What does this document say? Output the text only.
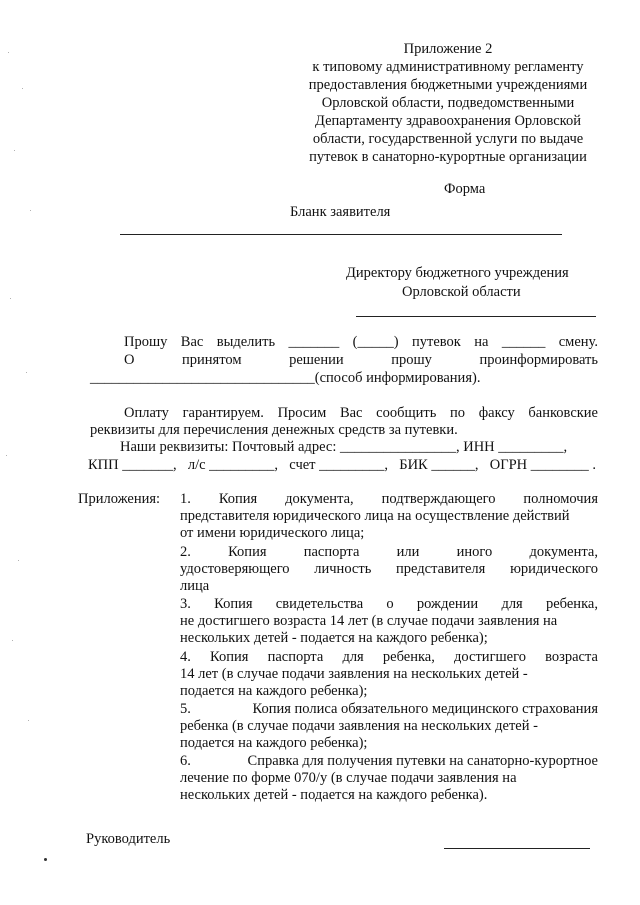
Приложение 2
к типовому административному регламенту
предоставления бюджетными учреждениями
Орловской области, подведомственными
Департаменту здравоохранения Орловской
области, государственной услуги по выдаче
путевок в санаторно-курортные организации
Форма
Бланк заявителя
Директору бюджетного учреждения
Орловской области
Прошу Вас выделить _______ (_____) путевок на ______ смену.
О	принятом	решении	прошу	проинформировать
_______________________________(способ информирования).
Оплату гарантируем. Просим Вас сообщить по факсу банковские
реквизиты для перечисления денежных средств за путевки.
Наши реквизиты: Почтовый адрес: ________________, ИНН _________,
КПП _______, л/с _________, счет _________, БИК ______, ОГРН ________ .
Приложения: 1. Копия документа, подтверждающего полномочия
представителя юридического лица на осуществление действий
от имени юридического лица;
2.	Копия	паспорта	или	иного	документа,
удостоверяющего личность представителя юридического
лица
3. Копия свидетельства о рождении для ребенка,
не достигшего возраста 14 лет (в случае подачи заявления на
нескольких детей - подается на каждого ребенка);
4. Копия паспорта для ребенка, достигшего возраста
14 лет (в случае подачи заявления на нескольких детей -
подается на каждого ребенка);
5.	Копия полиса обязательного медицинского страхования
ребенка (в случае подачи заявления на нескольких детей -
подается на каждого ребенка);
6.	Справка для получения путевки на санаторно-курортное
лечение по форме 070/у (в случае подачи заявления на
нескольких детей - подается на каждого ребенка).
Руководитель
